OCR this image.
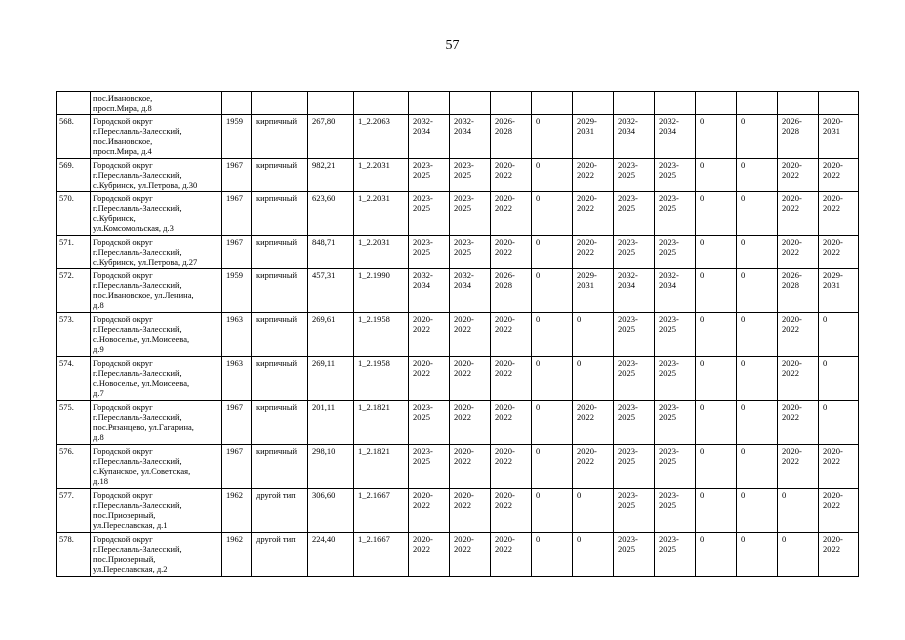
57
	пос.Ивановское,
просп.Мира, д.8															
568.	Городской округ
г.Переславль-Залесский,
пос.Ивановское,
просп.Мира, д.4	1959	кирпичный	267,80	1_2.2063	2032-
2034	2032-
2034	2026-
2028	0	2029-
2031	2032-
2034	2032-
2034	0	0	2026-
2028	2020-
2031
569.	Городской округ
г.Переславль-Залесский,
с.Кубринск, ул.Петрова, д.30	1967	кирпичный	982,21	1_2.2031	2023-
2025	2023-
2025	2020-
2022	0	2020-
2022	2023-
2025	2023-
2025	0	0	2020-
2022	2020-
2022
570.	Городской округ
г.Переславль-Залесский,
с.Кубринск,
ул.Комсомольская, д.3	1967	кирпичный	623,60	1_2.2031	2023-
2025	2023-
2025	2020-
2022	0	2020-
2022	2023-
2025	2023-
2025	0	0	2020-
2022	2020-
2022
571.	Городской округ
г.Переславль-Залесский,
с.Кубринск, ул.Петрова, д.27	1967	кирпичный	848,71	1_2.2031	2023-
2025	2023-
2025	2020-
2022	0	2020-
2022	2023-
2025	2023-
2025	0	0	2020-
2022	2020-
2022
572.	Городской округ
г.Переславль-Залесский,
пос.Ивановское, ул.Ленина,
д.8	1959	кирпичный	457,31	1_2.1990	2032-
2034	2032-
2034	2026-
2028	0	2029-
2031	2032-
2034	2032-
2034	0	0	2026-
2028	2029-
2031
573.	Городской округ
г.Переславль-Залесский,
с.Новоселье, ул.Моисеева,
д.9	1963	кирпичный	269,61	1_2.1958	2020-
2022	2020-
2022	2020-
2022	0	0	2023-
2025	2023-
2025	0	0	2020-
2022	0
574.	Городской округ
г.Переславль-Залесский,
с.Новоселье, ул.Моисеева,
д.7	1963	кирпичный	269,11	1_2.1958	2020-
2022	2020-
2022	2020-
2022	0	0	2023-
2025	2023-
2025	0	0	2020-
2022	0
575.	Городской округ
г.Переславль-Залесский,
пос.Рязанцево, ул.Гагарина,
д.8	1967	кирпичный	201,11	1_2.1821	2023-
2025	2020-
2022	2020-
2022	0	2020-
2022	2023-
2025	2023-
2025	0	0	2020-
2022	0
576.	Городской округ
г.Переславль-Залесский,
с.Купанское, ул.Советская,
д.18	1967	кирпичный	298,10	1_2.1821	2023-
2025	2020-
2022	2020-
2022	0	2020-
2022	2023-
2025	2023-
2025	0	0	2020-
2022	2020-
2022
577.	Городской округ
г.Переславль-Залесский,
пос.Приозерный,
ул.Переславская, д.1	1962	другой тип	306,60	1_2.1667	2020-
2022	2020-
2022	2020-
2022	0	0	2023-
2025	2023-
2025	0	0	0	2020-
2022
578.	Городской округ
г.Переславль-Залесский,
пос.Приозерный,
ул.Переславская, д.2	1962	другой тип	224,40	1_2.1667	2020-
2022	2020-
2022	2020-
2022	0	0	2023-
2025	2023-
2025	0	0	0	2020-
2022
